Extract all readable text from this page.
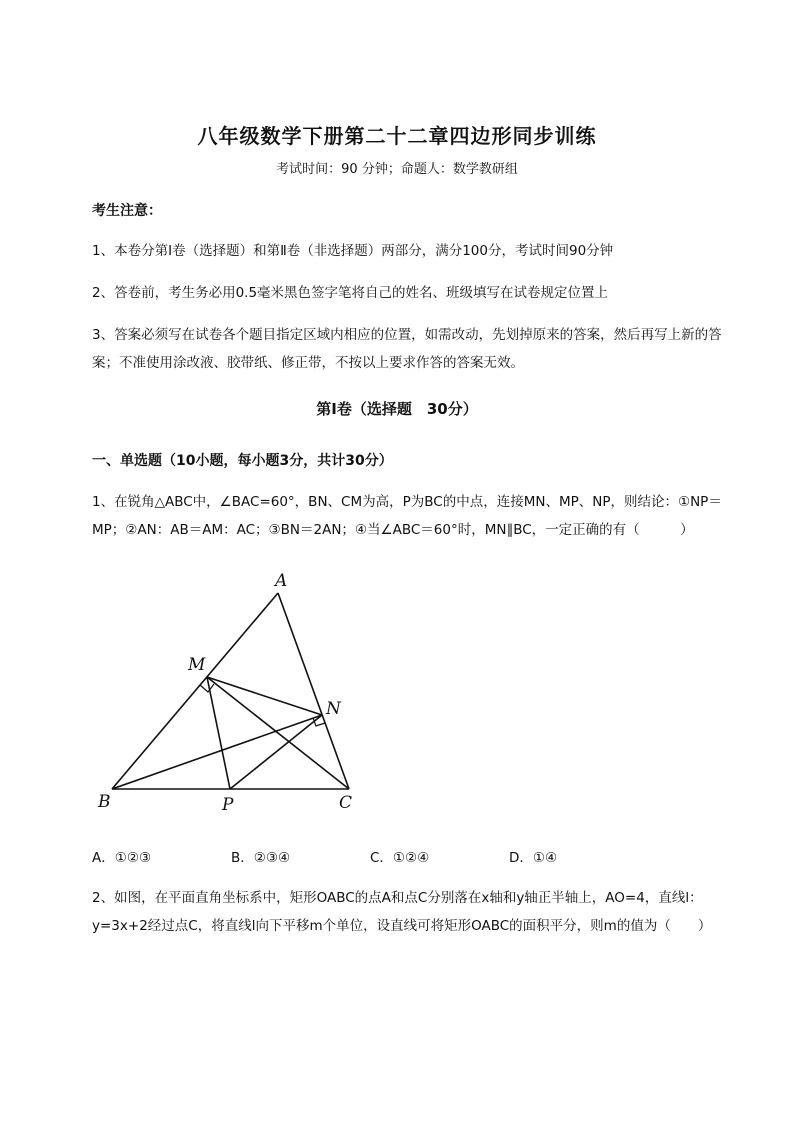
八年级数学下册第二十二章四边形同步训练
考试时间：90 分钟；命题人：数学教研组
考生注意：
1、本卷分第Ⅰ卷（选择题）和第Ⅱ卷（非选择题）两部分，满分100分，考试时间90分钟
2、答卷前，考生务必用0.5毫米黑色签字笔将自己的姓名、班级填写在试卷规定位置上
3、答案必须写在试卷各个题目指定区域内相应的位置，如需改动，先划掉原来的答案，然后再写上新的答案；不准使用涂改液、胶带纸、修正带，不按以上要求作答的答案无效。
第Ⅰ卷（选择题　30分）
一、单选题（10小题，每小题3分，共计30分）
1、在锐角△ABC中，∠BAC=60°，BN、CM为高，P为BC的中点，连接MN、MP、NP，则结论：①NP＝MP；②AN：AB＝AM：AC；③BN＝2AN；④当∠ABC＝60°时，MN∥BC，一定正确的有（　　　）
A
M
N
B	P	C
A．①②③	B．②③④	C．①②④	D．①④
2、如图，在平面直角坐标系中，矩形OABC的点A和点C分别落在x轴和y轴正半轴上，AO=4，直线l：y=3x+2经过点C，将直线l向下平移m个单位，设直线可将矩形OABC的面积平分，则m的值为（　　）
